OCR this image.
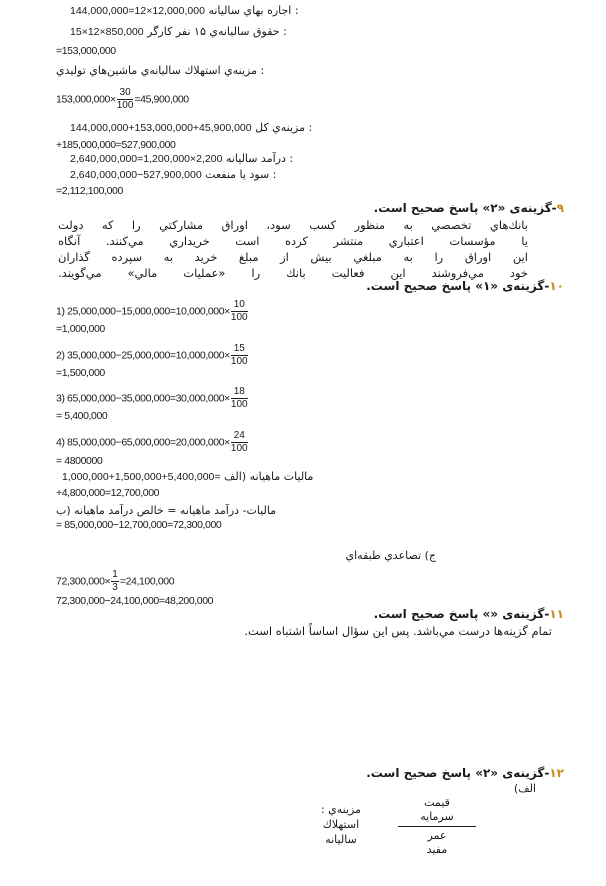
: اجاره بهاي ساليانه 12,000,000×12=144,000,000
: حقوق ساليانه‌ي ۱۵ نفر كارگر 850,000×12×15
=153,000,000
: مزينه‌ي استهلاك ساليانه‌ي ماشين‌هاي توليدي
$153,000,000\times \frac{30}{100} =45,900,000$
: مزينه‌ي كل 144,000,000+153,000,000+45,900,000
+185,000,000=527,900,000
: درآمد ساليانه 2,200×1,200,000=2,640,000,000
: سود يا منفعت 2,640,000,000−527,900,000
=2,112,100,000
۹-گزينه‌ی «۲» پاسخ صحيح است.
بانك‌هاي تخصصي به منظور كسب سود، اوراق مشاركتي را كه دولت
يا مؤسسات اعتباري منتشر كرده است خريداري مي‌كنند. آنگاه
اين اوراق را به مبلغي بيش از مبلغ خريد به سپرده گذاران
خود مي‌فروشند اين فعاليت بانك را «عمليات مالي» مي‌گويند.
۱۰-گزينه‌ی «۱» پاسخ صحيح است.
1) $25,000,000-15,000,000=10,000,000\times \frac{10}{100}$
=1,000,000
2) $35,000,000-25,000,000=10,000,000\times \frac{15}{100}$
=1,500,000
3) $65,000,000-35,000,000=30,000,000\times \frac{18}{100}$
= 5,400,000
4) $85,000,000-65,000,000=20,000,000\times \frac{24}{100}$
= 4800000
ماليات ماهيانه (الف =1,000,000+1,500,000+5,400,000
+4,800,000=12,700,000
ماليات- درآمد ماهيانه = خالص درآمد ماهيانه (ب
= 85,000,000−12,700,000=72,300,000
ج) تصاعدي طبقه‌اي
$72,300,000\times \frac{1}{3} =24,100,000$
72,300,000−24,100,000=48,200,000
۱۱-گزينه‌ی «» پاسخ صحيح است.
تمام گزينه‌ها درست مي‌باشد. پس اين سؤال اساساً اشتباه است.
۱۲-گزينه‌ی «۲» پاسخ صحيح است.
الف)
: مزينه‌ي
استهلاك
ساليانه
قيمت
سرمايه
عمر
مفيد
